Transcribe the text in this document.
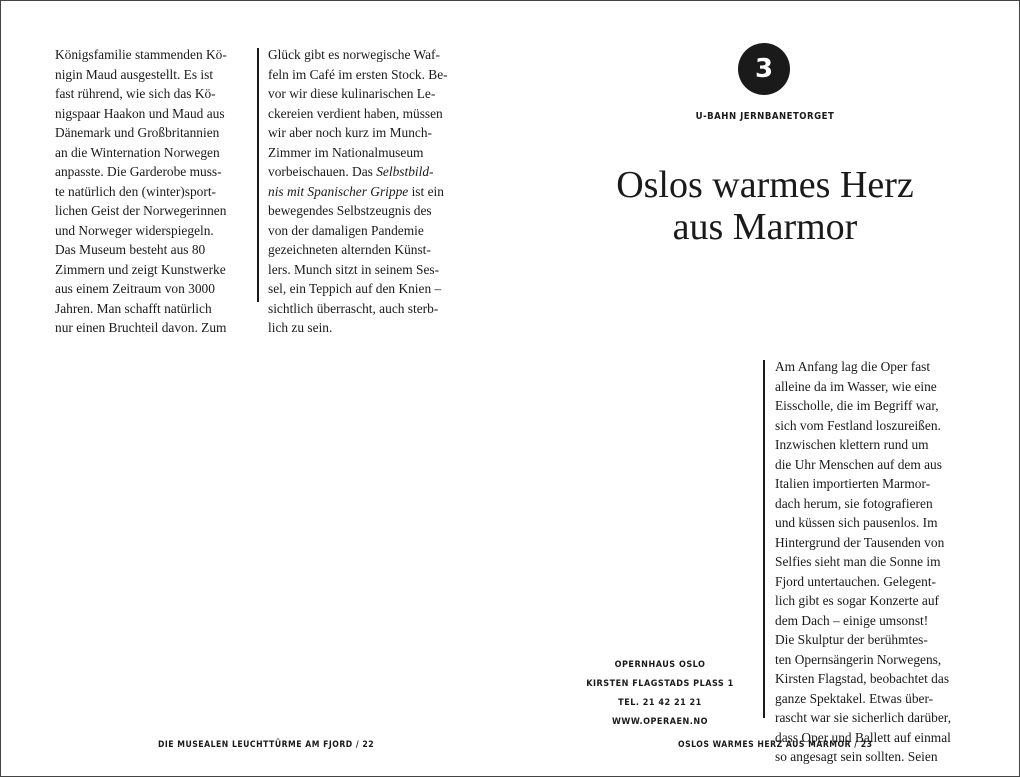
Königsfamilie stammenden Kö-
nigin Maud ausgestellt. Es ist
fast rührend, wie sich das Kö-
nigspaar Haakon und Maud aus
Dänemark und Großbritannien
an die Winternation Norwegen
anpasste. Die Garderobe muss-
te natürlich den (winter)sport-
lichen Geist der Norwegerinnen
und Norweger widerspiegeln.
Das Museum besteht aus 80
Zimmern und zeigt Kunstwerke
aus einem Zeitraum von 3000
Jahren. Man schafft natürlich
nur einen Bruchteil davon. Zum
Glück gibt es norwegische Waf-
feln im Café im ersten Stock. Be-
vor wir diese kulinarischen Le-
ckereien verdient haben, müssen
wir aber noch kurz im Munch-
Zimmer im Nationalmuseum
vorbeischauen. Das Selbstbild-
nis mit Spanischer Grippe ist ein
bewegendes Selbstzeugnis des
von der damaligen Pandemie
gezeichneten alternden Künst-
lers. Munch sitzt in seinem Ses-
sel, ein Teppich auf den Knien –
sichtlich überrascht, auch sterb-
lich zu sein.
DIE MUSEALEN LEUCHTTÜRME AM FJORD / 22
3
U-BAHN JERNBANETORGET
Oslos warmes Herz
aus Marmor
OPERNHAUS OSLO
KIRSTEN FLAGSTADS PLASS 1
TEL. 21 42 21 21
WWW.OPERAEN.NO
Am Anfang lag die Oper fast
alleine da im Wasser, wie eine
Eisscholle, die im Begriff war,
sich vom Festland loszureißen.
Inzwischen klettern rund um
die Uhr Menschen auf dem aus
Italien importierten Marmor-
dach herum, sie fotografieren
und küssen sich pausenlos. Im
Hintergrund der Tausenden von
Selfies sieht man die Sonne im
Fjord untertauchen. Gelegent-
lich gibt es sogar Konzerte auf
dem Dach – einige umsonst!
Die Skulptur der berühmtes-
ten Opernsängerin Norwegens,
Kirsten Flagstad, beobachtet das
ganze Spektakel. Etwas über-
rascht war sie sicherlich darüber,
dass Oper und Ballett auf einmal
so angesagt sein sollten. Seien
OSLOS WARMES HERZ AUS MARMOR / 23
